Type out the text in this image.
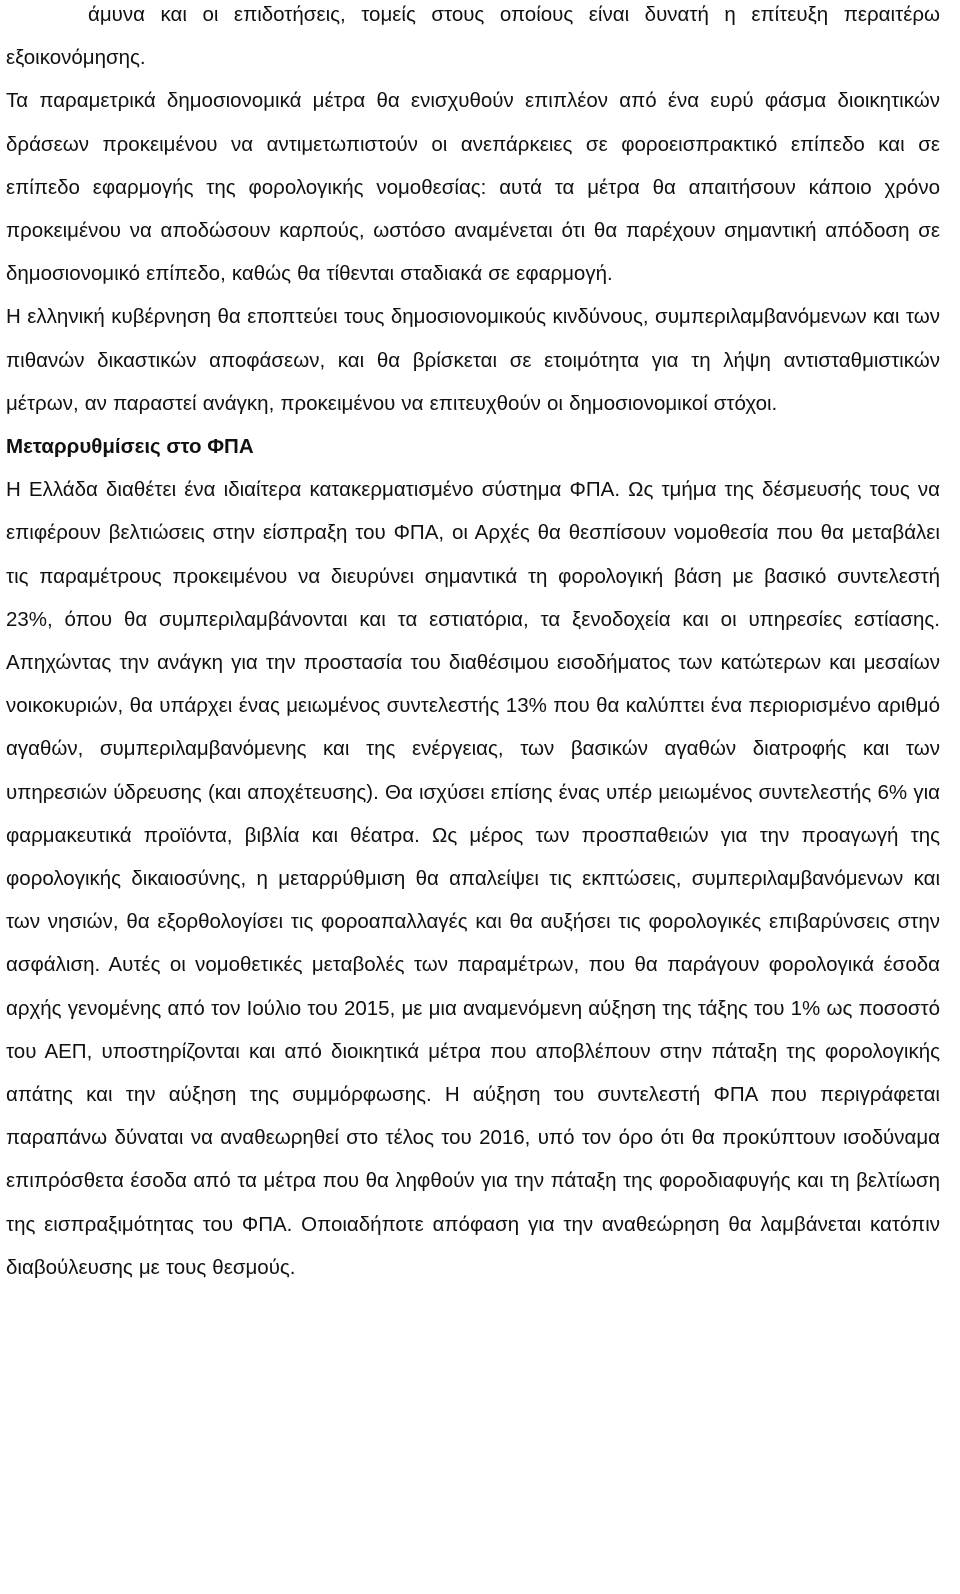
άμυνα και οι επιδοτήσεις, τομείς στους οποίους είναι δυνατή η επίτευξη περαιτέρω εξοικονόμησης.

Τα παραμετρικά δημοσιονομικά μέτρα θα ενισχυθούν επιπλέον από ένα ευρύ φάσμα διοικητικών δράσεων προκειμένου να αντιμετωπιστούν οι ανεπάρκειες σε φοροεισπρακτικό επίπεδο και σε επίπεδο εφαρμογής της φορολογικής νομοθεσίας: αυτά τα μέτρα θα απαιτήσουν κάποιο χρόνο προκειμένου να αποδώσουν καρπούς, ωστόσο αναμένεται ότι θα παρέχουν σημαντική απόδοση σε δημοσιονομικό επίπεδο, καθώς θα τίθενται σταδιακά σε εφαρμογή.

Η ελληνική κυβέρνηση θα εποπτεύει τους δημοσιονομικούς κινδύνους, συμπεριλαμβανόμενων και των πιθανών δικαστικών αποφάσεων, και θα βρίσκεται σε ετοιμότητα για τη λήψη αντισταθμιστικών μέτρων, αν παραστεί ανάγκη, προκειμένου να επιτευχθούν οι δημοσιονομικοί στόχοι.

Μεταρρυθμίσεις στο ΦΠΑ

Η Ελλάδα διαθέτει ένα ιδιαίτερα κατακερματισμένο σύστημα ΦΠΑ. Ως τμήμα της δέσμευσής τους να επιφέρουν βελτιώσεις στην είσπραξη του ΦΠΑ, οι Αρχές θα θεσπίσουν νομοθεσία που θα μεταβάλει τις παραμέτρους προκειμένου να διευρύνει σημαντικά τη φορολογική βάση με βασικό συντελεστή 23%, όπου θα συμπεριλαμβάνονται και τα εστιατόρια, τα ξενοδοχεία και οι υπηρεσίες εστίασης. Απηχώντας την ανάγκη για την προστασία του διαθέσιμου εισοδήματος των κατώτερων και μεσαίων νοικοκυριών, θα υπάρχει ένας μειωμένος συντελεστής 13% που θα καλύπτει ένα περιορισμένο αριθμό αγαθών, συμπεριλαμβανόμενης και της ενέργειας, των βασικών αγαθών διατροφής και των υπηρεσιών ύδρευσης (και αποχέτευσης). Θα ισχύσει επίσης ένας υπέρ μειωμένος συντελεστής 6% για φαρμακευτικά προϊόντα, βιβλία και θέατρα. Ως μέρος των προσπαθειών για την προαγωγή της φορολογικής δικαιοσύνης, η μεταρρύθμιση θα απαλείψει τις εκπτώσεις, συμπεριλαμβανόμενων και των νησιών, θα εξορθολογίσει τις φοροαπαλλαγές και θα αυξήσει τις φορολογικές επιβαρύνσεις στην ασφάλιση. Αυτές οι νομοθετικές μεταβολές των παραμέτρων, που θα παράγουν φορολογικά έσοδα αρχής γενομένης από τον Ιούλιο του 2015, με μια αναμενόμενη αύξηση της τάξης του 1% ως ποσοστό του ΑΕΠ, υποστηρίζονται και από διοικητικά μέτρα που αποβλέπουν στην πάταξη της φορολογικής απάτης και την αύξηση της συμμόρφωσης. Η αύξηση του συντελεστή ΦΠΑ που περιγράφεται παραπάνω δύναται να αναθεωρηθεί στο τέλος του 2016, υπό τον όρο ότι θα προκύπτουν ισοδύναμα επιπρόσθετα έσοδα από τα μέτρα που θα ληφθούν για την πάταξη της φοροδιαφυγής και τη βελτίωση της εισπραξιμότητας του ΦΠΑ. Οποιαδήποτε απόφαση για την αναθεώρηση θα λαμβάνεται κατόπιν διαβούλευσης με τους θεσμούς.
